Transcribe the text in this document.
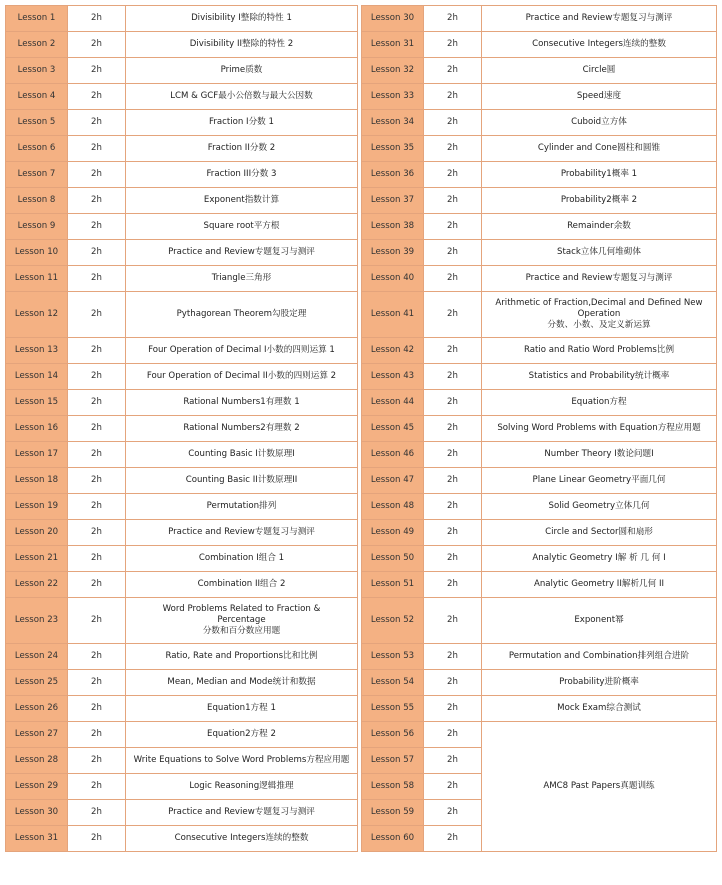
Lesson 1	2h	Divisibility I整除的特性 1		Lesson 30	2h	Practice and Review专题复习与测评
Lesson 2	2h	Divisibility II整除的特性 2		Lesson 31	2h	Consecutive Integers连续的整数
Lesson 3	2h	Prime质数		Lesson 32	2h	Circle圆
Lesson 4	2h	LCM & GCF最小公倍数与最大公因数		Lesson 33	2h	Speed速度
Lesson 5	2h	Fraction I分数 1		Lesson 34	2h	Cuboid立方体
Lesson 6	2h	Fraction II分数 2		Lesson 35	2h	Cylinder and Cone圆柱和圆锥
Lesson 7	2h	Fraction III分数 3		Lesson 36	2h	Probability1概率 1
Lesson 8	2h	Exponent指数计算		Lesson 37	2h	Probability2概率 2
Lesson 9	2h	Square root平方根		Lesson 38	2h	Remainder余数
Lesson 10	2h	Practice and Review专题复习与测评		Lesson 39	2h	Stack立体几何堆砌体
Lesson 11	2h	Triangle三角形		Lesson 40	2h	Practice and Review专题复习与测评
Lesson 12	2h	Pythagorean Theorem勾股定理		Lesson 41	2h	Arithmetic of Fraction,Decimal and Defined New
Operation
分数、小数、及定义新运算
Lesson 13	2h	Four Operation of Decimal I小数的四则运算 1		Lesson 42	2h	Ratio and Ratio Word Problems比例
Lesson 14	2h	Four Operation of Decimal II小数的四则运算 2		Lesson 43	2h	Statistics and Probability统计概率
Lesson 15	2h	Rational Numbers1有理数 1		Lesson 44	2h	Equation方程
Lesson 16	2h	Rational Numbers2有理数 2		Lesson 45	2h	Solving Word Problems with Equation方程应用题
Lesson 17	2h	Counting Basic I计数原理I		Lesson 46	2h	Number Theory I数论问题I
Lesson 18	2h	Counting Basic II计数原理II		Lesson 47	2h	Plane Linear Geometry平面几何
Lesson 19	2h	Permutation排列		Lesson 48	2h	Solid Geometry立体几何
Lesson 20	2h	Practice and Review专题复习与测评		Lesson 49	2h	Circle and Sector圆和扇形
Lesson 21	2h	Combination I组合 1		Lesson 50	2h	Analytic Geometry I解 析 几 何 I
Lesson 22	2h	Combination II组合 2		Lesson 51	2h	Analytic Geometry II解析几何 II
Lesson 23	2h	Word Problems Related to Fraction &
Percentage
分数和百分数应用题		Lesson 52	2h	Exponent幂
Lesson 24	2h	Ratio, Rate and Proportions比和比例		Lesson 53	2h	Permutation and Combination排列组合进阶
Lesson 25	2h	Mean, Median and Mode统计和数据		Lesson 54	2h	Probability进阶概率
Lesson 26	2h	Equation1方程 1		Lesson 55	2h	Mock Exam综合测试
Lesson 27	2h	Equation2方程 2		Lesson 56	2h	AMC8 Past Papers真题训练
Lesson 28	2h	Write Equations to Solve Word Problems方程应用题		Lesson 57	2h	
Lesson 29	2h	Logic Reasoning逻辑推理		Lesson 58	2h	
Lesson 30	2h	Practice and Review专题复习与测评		Lesson 59	2h	
Lesson 31	2h	Consecutive Integers连续的整数		Lesson 60	2h	
